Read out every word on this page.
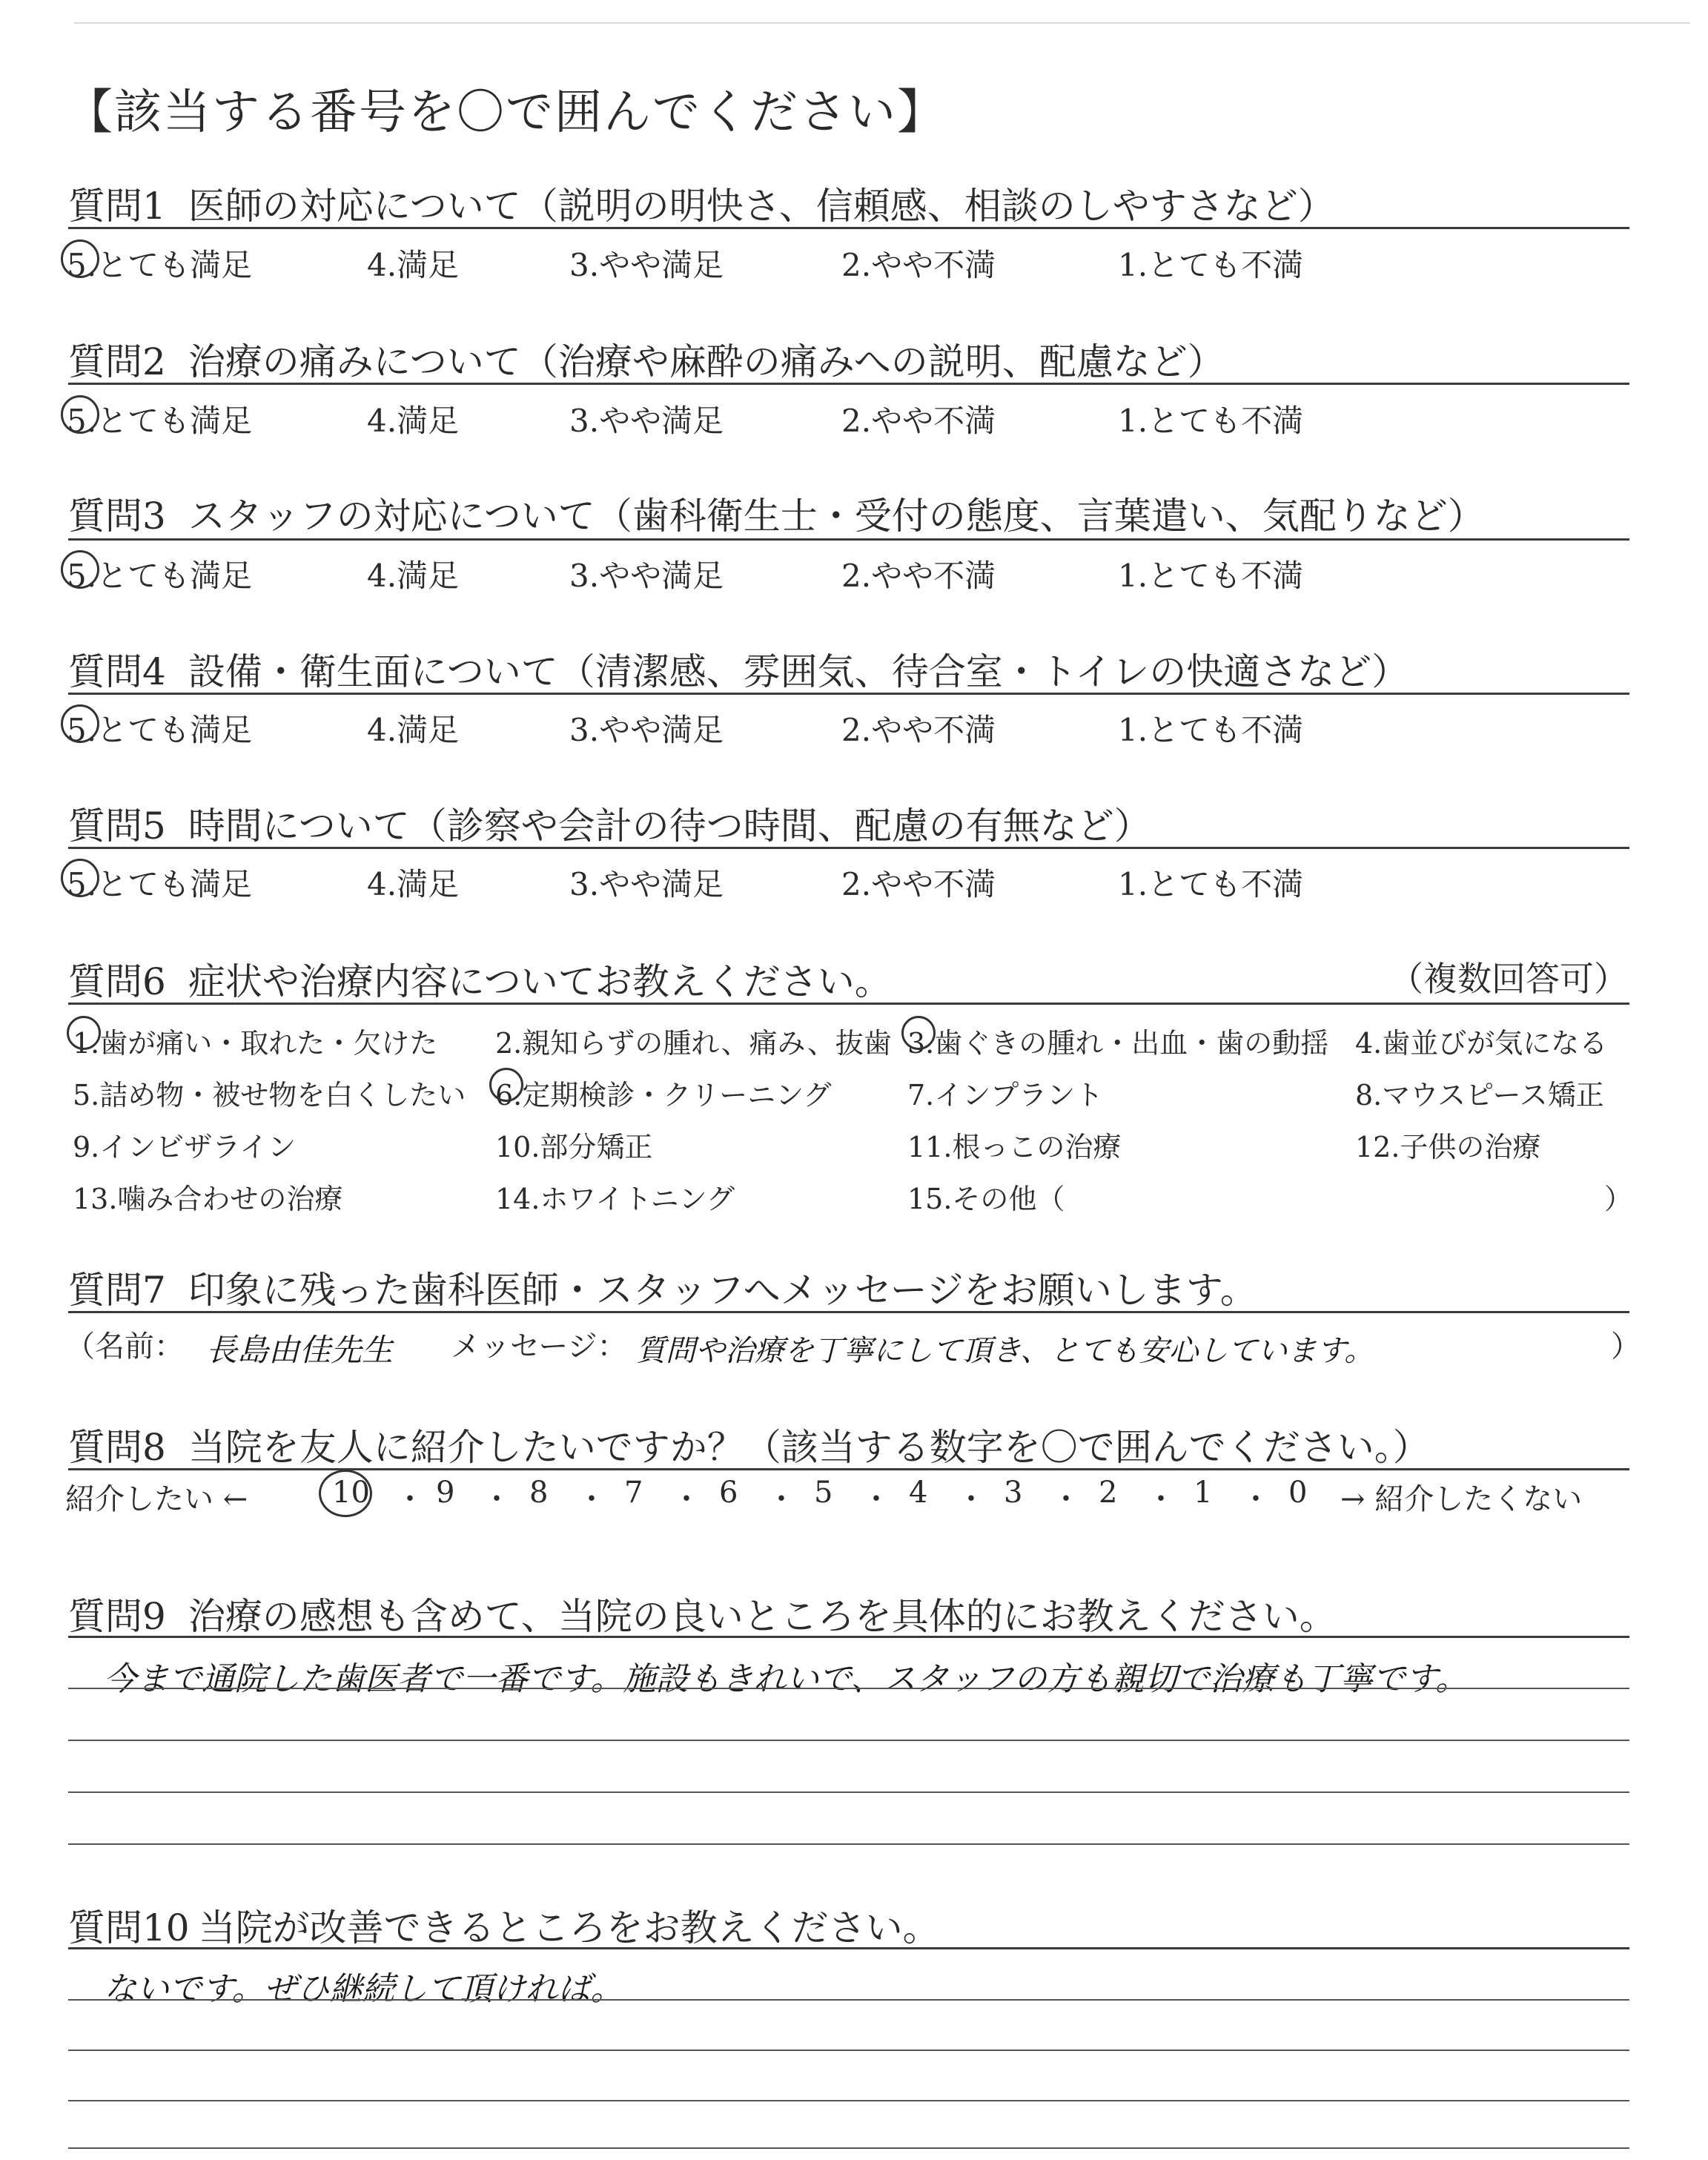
【該当する番号を〇で囲んでください】
質問1 医師の対応について（説明の明快さ、信頼感、相談のしやすさなど）
5.とても満足	4.満足	3.やや満足	2.やや不満	1.とても不満
質問2 治療の痛みについて（治療や麻酔の痛みへの説明、配慮など）
5.とても満足	4.満足	3.やや満足	2.やや不満	1.とても不満
質問3 スタッフの対応について（歯科衛生士・受付の態度、言葉遣い、気配りなど）
5.とても満足	4.満足	3.やや満足	2.やや不満	1.とても不満
質問4 設備・衛生面について（清潔感、雰囲気、待合室・トイレの快適さなど）
5.とても満足	4.満足	3.やや満足	2.やや不満	1.とても不満
質問5 時間について（診察や会計の待つ時間、配慮の有無など）
5.とても満足	4.満足	3.やや満足	2.やや不満	1.とても不満
質問6 症状や治療内容についてお教えください。	（複数回答可）
1.歯が痛い・取れた・欠けた 2.親知らずの腫れ、痛み、抜歯 3.歯ぐきの腫れ・出血・歯の動揺 4.歯並びが気になる
5.詰め物・被せ物を白くしたい 6.定期検診・クリーニング	7.インプラント	8.マウスピース矯正
9.インビザライン	10.部分矯正	11.根っこの治療	12.子供の治療
13.噛み合わせの治療	14.ホワイトニング	15.その他（	）
質問7 印象に残った歯科医師・スタッフへメッセージをお願いします。
（名前： 長島由佳先生 メッセージ： 質問や治療を丁寧にして頂き、とても安心しています。	）
質問8 当院を友人に紹介したいですか？（該当する数字を〇で囲んでください。）
紹介したい ←	10 ・ 9 ・ 8 ・ 7 ・ 6 ・ 5 ・ 4 ・ 3 ・ 2 ・ 1 ・ 0 → 紹介したくない
質問9 治療の感想も含めて、当院の良いところを具体的にお教えください。
今まで通院した歯医者で一番です。施設もきれいで、スタッフの方も親切で治療も丁寧です。
質問10 当院が改善できるところをお教えください。
ないです。ぜひ継続して頂ければ。
